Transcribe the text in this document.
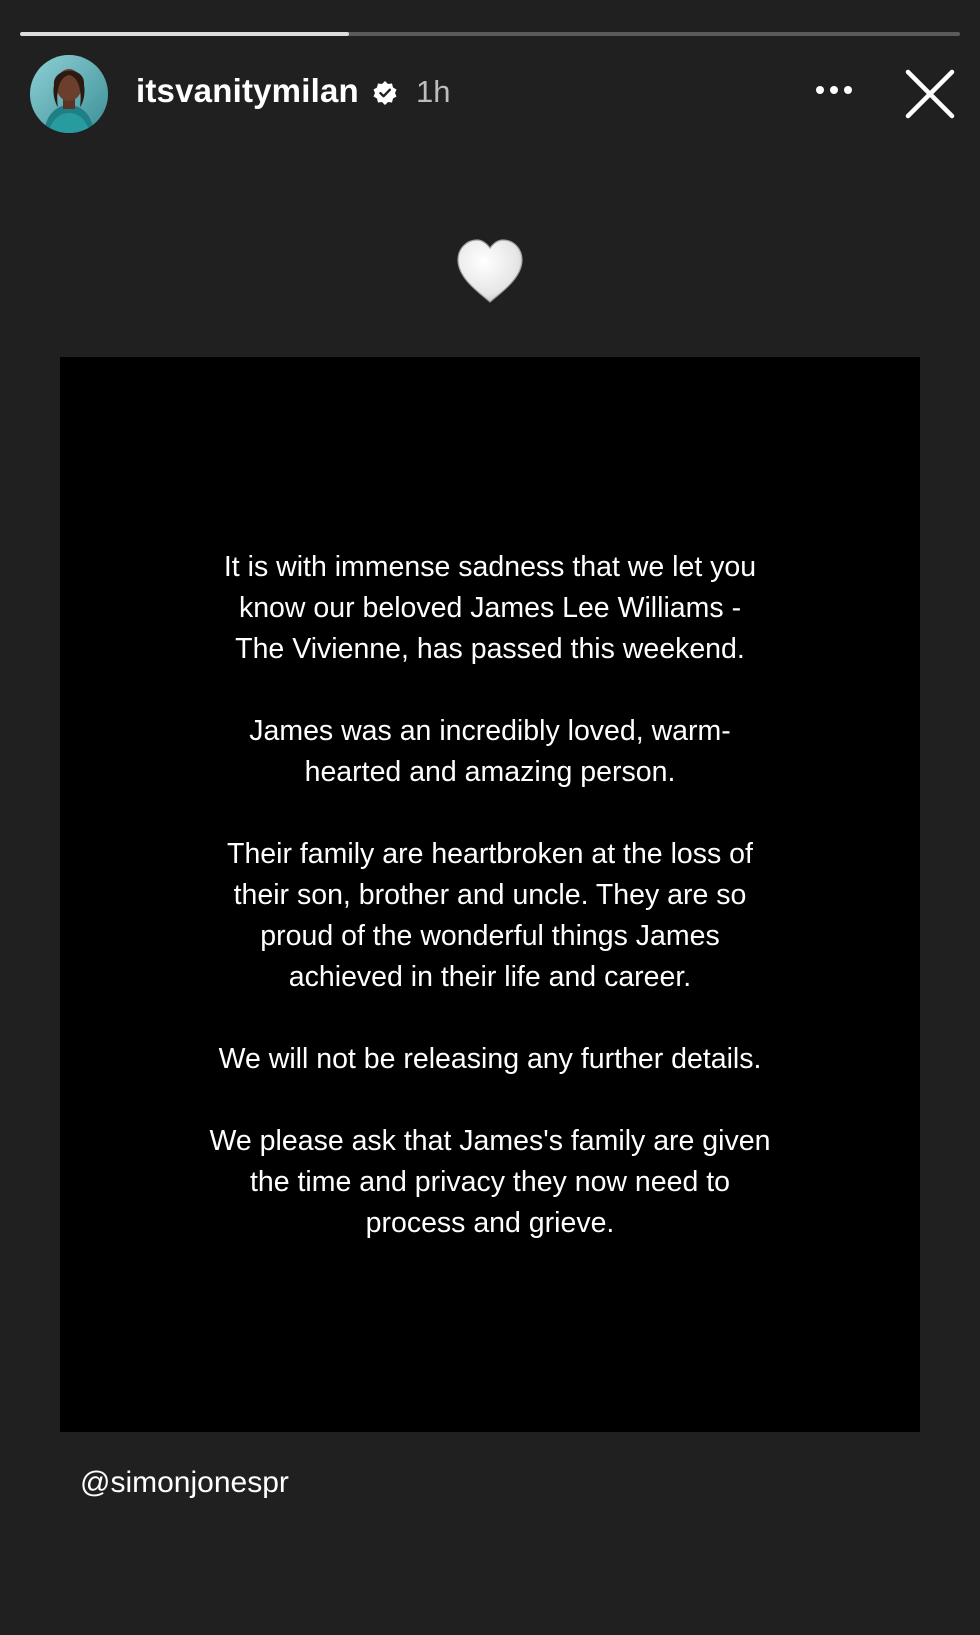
itsvanitymilan 1h

It is with immense sadness that we let you
know our beloved James Lee Williams -
The Vivienne, has passed this weekend.

James was an incredibly loved, warm-
hearted and amazing person.

Their family are heartbroken at the loss of
their son, brother and uncle. They are so
proud of the wonderful things James
achieved in their life and career.

We will not be releasing any further details.

We please ask that James's family are given
the time and privacy they now need to
process and grieve.

@simonjonespr
